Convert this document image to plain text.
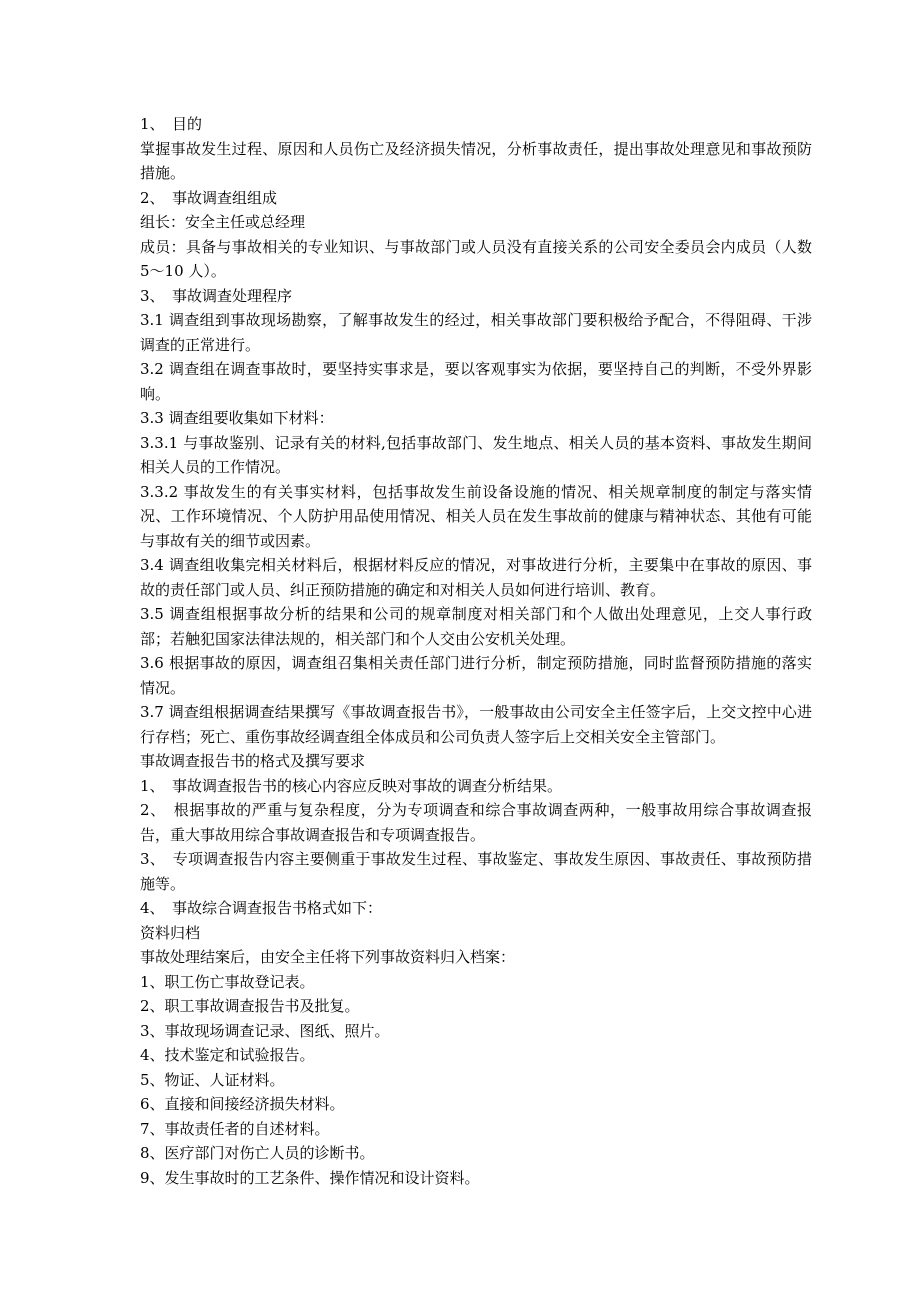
1、　目的

掌握事故发生过程、原因和人员伤亡及经济损失情况，分析事故责任，提出事故处理意见和事故预防措施。

2、　事故调查组组成

组长：安全主任或总经理

成员：具备与事故相关的专业知识、与事故部门或人员没有直接关系的公司安全委员会内成员（人数 5～10 人）。

3、　事故调查处理程序

3.1 调查组到事故现场勘察，了解事故发生的经过，相关事故部门要积极给予配合，不得阻碍、干涉调查的正常进行。

3.2 调查组在调查事故时，要坚持实事求是，要以客观事实为依据，要坚持自己的判断，不受外界影响。

3.3 调查组要收集如下材料：

3.3.1 与事故鉴别、记录有关的材料,包括事故部门、发生地点、相关人员的基本资料、事故发生期间相关人员的工作情况。

3.3.2 事故发生的有关事实材料，包括事故发生前设备设施的情况、相关规章制度的制定与落实情况、工作环境情况、个人防护用品使用情况、相关人员在发生事故前的健康与精神状态、其他有可能与事故有关的细节或因素。

3.4 调查组收集完相关材料后，根据材料反应的情况，对事故进行分析，主要集中在事故的原因、事故的责任部门或人员、纠正预防措施的确定和对相关人员如何进行培训、教育。

3.5 调查组根据事故分析的结果和公司的规章制度对相关部门和个人做出处理意见，上交人事行政部；若触犯国家法律法规的，相关部门和个人交由公安机关处理。

3.6 根据事故的原因，调查组召集相关责任部门进行分析，制定预防措施，同时监督预防措施的落实情况。

3.7 调查组根据调查结果撰写《事故调查报告书》，一般事故由公司安全主任签字后，上交文控中心进行存档；死亡、重伤事故经调查组全体成员和公司负责人签字后上交相关安全主管部门。

事故调查报告书的格式及撰写要求

1、　事故调查报告书的核心内容应反映对事故的调查分析结果。

2、　根据事故的严重与复杂程度，分为专项调查和综合事故调查两种，一般事故用综合事故调查报告，重大事故用综合事故调查报告和专项调查报告。

3、　专项调查报告内容主要侧重于事故发生过程、事故鉴定、事故发生原因、事故责任、事故预防措施等。

4、　事故综合调查报告书格式如下：

资料归档

事故处理结案后，由安全主任将下列事故资料归入档案：

1、职工伤亡事故登记表。

2、职工事故调查报告书及批复。

3、事故现场调查记录、图纸、照片。

4、技术鉴定和试验报告。

5、物证、人证材料。

6、直接和间接经济损失材料。

7、事故责任者的自述材料。

8、医疗部门对伤亡人员的诊断书。

9、发生事故时的工艺条件、操作情况和设计资料。
